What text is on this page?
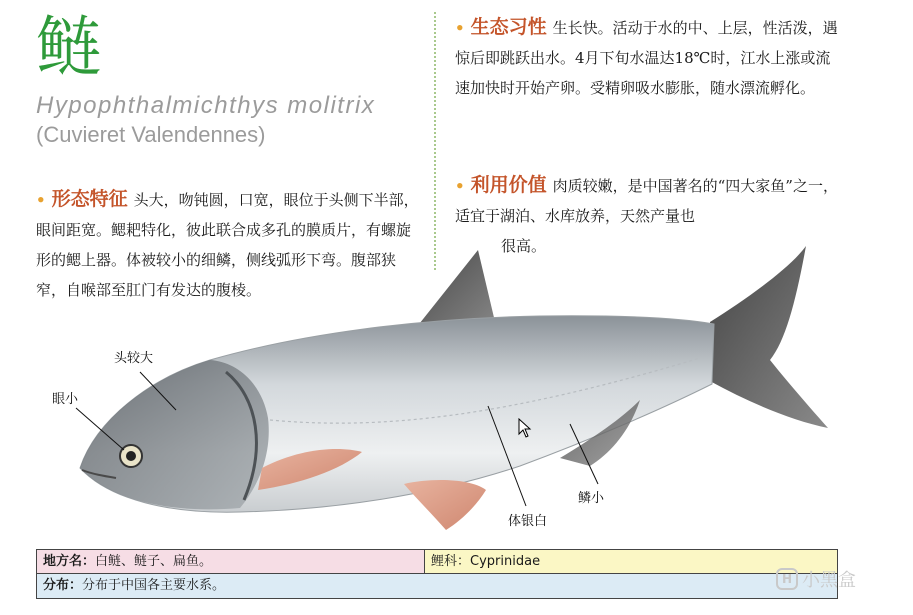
鲢
Hypophthalmichthys molitrix
(Cuvieret Valendennes)
• 形态特征 头大，吻钝圆，口宽，眼位于头侧下半部，眼间距宽。鳃耙特化，彼此联合成多孔的膜质片，有螺旋形的鳃上器。体被较小的细鳞，侧线弧形下弯。腹部狭窄，自喉部至肛门有发达的腹棱。
• 生态习性 生长快。活动于水的中、上层，性活泼，遇惊后即跳跃出水。4月下旬水温达18℃时，江水上涨或流速加快时开始产卵。受精卵吸水膨胀，随水漂流孵化。
• 利用价值 肉质较嫩，是中国著名的“四大家鱼”之一，适宜于湖泊、水库放养，天然产量也
很高。
头较大
眼小
体银白
鳞小
地方名：白鲢、鲢子、扁鱼。	鲤科：Cyprinidae
分布：分布于中国各主要水系。	H 小黑盒
